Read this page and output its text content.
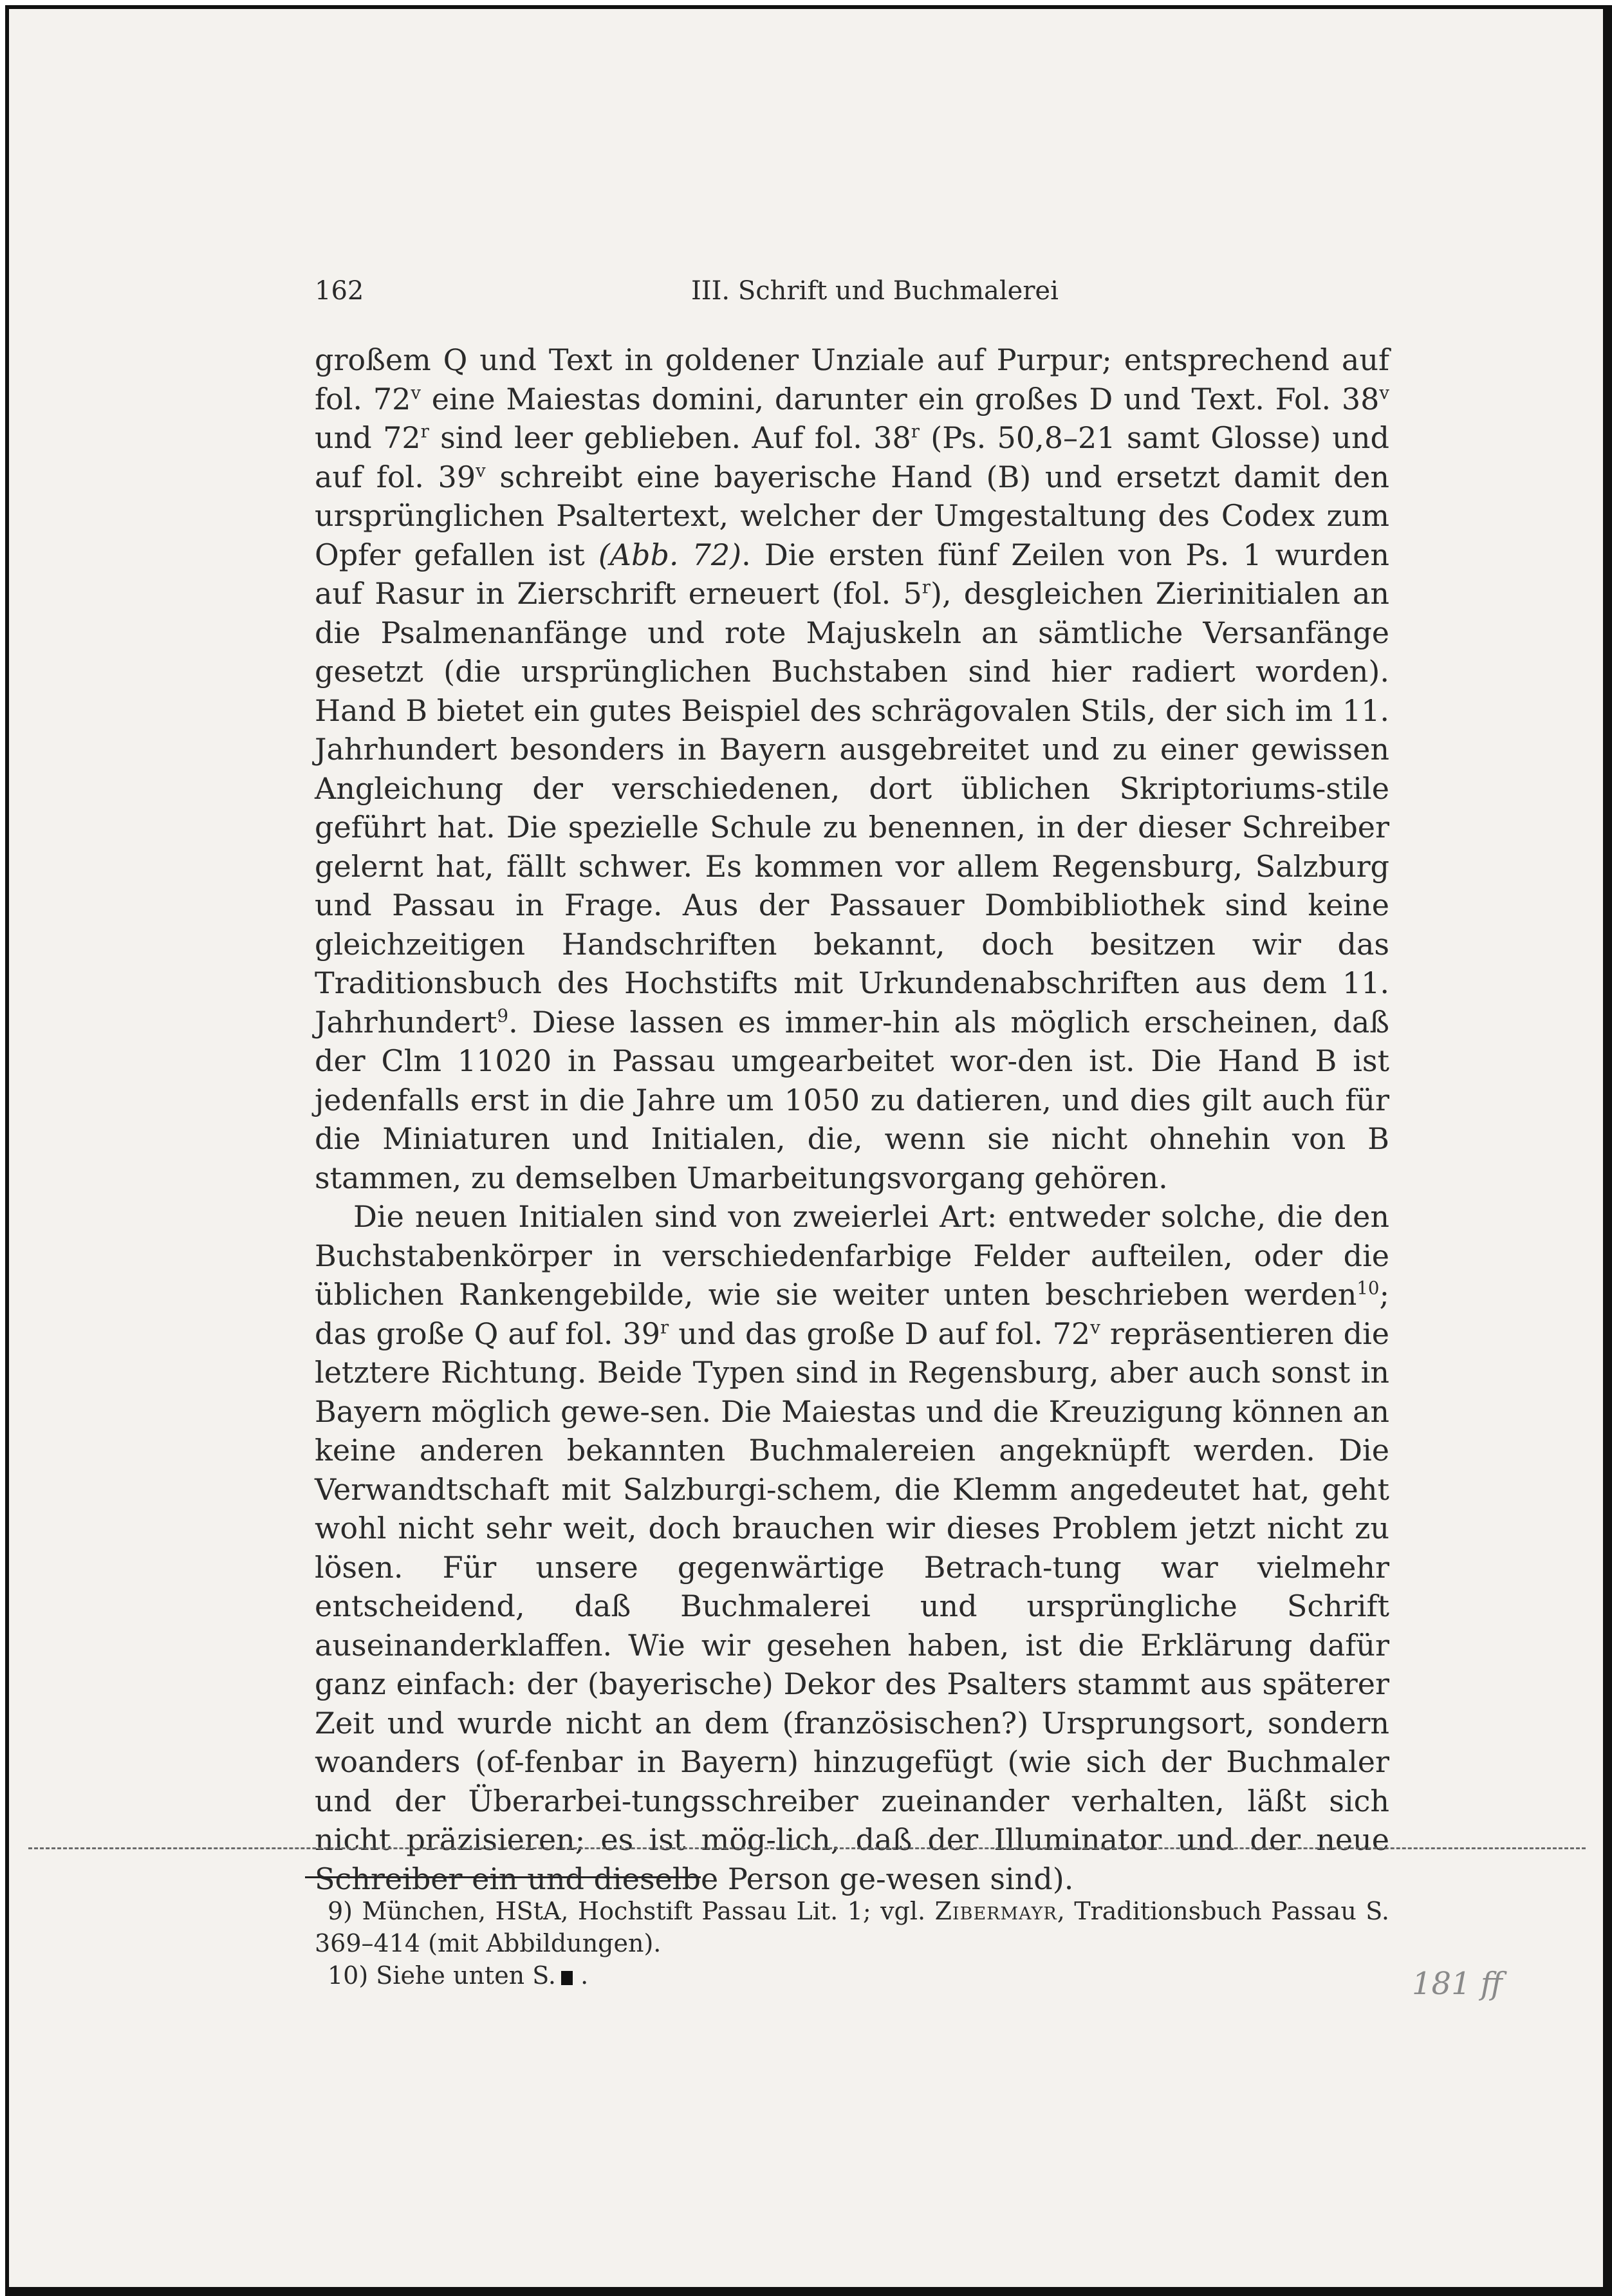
162	III. Schrift und Buchmalerei

großem Q und Text in goldener Unziale auf Purpur; entsprechend auf fol. 72$^v$ eine Maiestas domini, darunter ein großes D und Text. Fol. 38$^v$ und 72$^r$ sind leer geblieben. Auf fol. 38$^r$ (Ps. 50,8–21 samt Glosse) und auf fol. 39$^v$ schreibt eine bayerische Hand (B) und ersetzt damit den ursprünglichen Psaltertext, welcher der Umgestaltung des Codex zum Opfer gefallen ist (Abb. 72). Die ersten fünf Zeilen von Ps. 1 wurden auf Rasur in Zierschrift erneuert (fol. 5$^r$), desgleichen Zierinitialen an die Psalmenanfänge und rote Majuskeln an sämtliche Versanfänge gesetzt (die ursprünglichen Buchstaben sind hier radiert worden). Hand B bietet ein gutes Beispiel des schrägovalen Stils, der sich im 11. Jahrhundert besonders in Bayern ausgebreitet und zu einer gewissen Angleichung der verschiedenen, dort üblichen Skriptoriums-stile geführt hat. Die spezielle Schule zu benennen, in der dieser Schreiber gelernt hat, fällt schwer. Es kommen vor allem Regensburg, Salzburg und Passau in Frage. Aus der Passauer Dombibliothek sind keine gleichzeitigen Handschriften bekannt, doch besitzen wir das Traditionsbuch des Hochstifts mit Urkundenabschriften aus dem 11. Jahrhundert$^9$. Diese lassen es immer-hin als möglich erscheinen, daß der Clm 11020 in Passau umgearbeitet wor-den ist. Die Hand B ist jedenfalls erst in die Jahre um 1050 zu datieren, und dies gilt auch für die Miniaturen und Initialen, die, wenn sie nicht ohnehin von B stammen, zu demselben Umarbeitungsvorgang gehören.

Die neuen Initialen sind von zweierlei Art: entweder solche, die den Buchstabenkörper in verschiedenfarbige Felder aufteilen, oder die üblichen Rankengebilde, wie sie weiter unten beschrieben werden$^{10}$; das große Q auf fol. 39$^r$ und das große D auf fol. 72$^v$ repräsentieren die letztere Richtung. Beide Typen sind in Regensburg, aber auch sonst in Bayern möglich gewe-sen. Die Maiestas und die Kreuzigung können an keine anderen bekannten Buchmalereien angeknüpft werden. Die Verwandtschaft mit Salzburgi-schem, die Klemm angedeutet hat, geht wohl nicht sehr weit, doch brauchen wir dieses Problem jetzt nicht zu lösen. Für unsere gegenwärtige Betrach-tung war vielmehr entscheidend, daß Buchmalerei und ursprüngliche Schrift auseinanderklaffen. Wie wir gesehen haben, ist die Erklärung dafür ganz einfach: der (bayerische) Dekor des Psalters stammt aus späterer Zeit und wurde nicht an dem (französischen?) Ursprungsort, sondern woanders (of-fenbar in Bayern) hinzugefügt (wie sich der Buchmaler und der Überarbei-tungsschreiber zueinander verhalten, läßt sich nicht präzisieren; es ist mög-lich, daß der Illuminator und der neue Schreiber ein und dieselbe Person ge-wesen sind).

9) München, HStA, Hochstift Passau Lit. 1; vgl. Zibermayr, Traditionsbuch Passau S. 369–414 (mit Abbildungen).

10) Siehe unten S. .	181 ff
